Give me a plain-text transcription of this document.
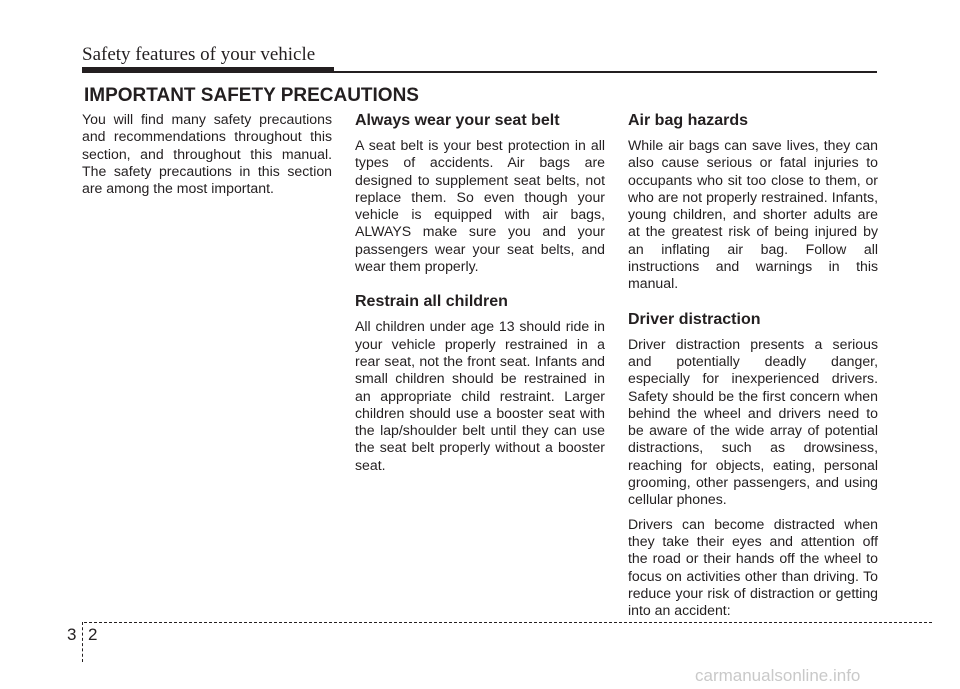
Safety features of your vehicle
IMPORTANT SAFETY PRECAUTIONS

You will find many safety precautions and recommendations throughout this section, and throughout this manual. The safety precautions in this section are among the most important.

Always wear your seat belt

A seat belt is your best protection in all types of accidents. Air bags are designed to supplement seat belts, not replace them. So even though your vehicle is equipped with air bags, ALWAYS make sure you and your passengers wear your seat belts, and wear them properly.

Restrain all children

All children under age 13 should ride in your vehicle properly restrained in a rear seat, not the front seat. Infants and small children should be restrained in an appropriate child restraint. Larger children should use a booster seat with the lap/shoulder belt until they can use the seat belt properly without a booster seat.

Air bag hazards

While air bags can save lives, they can also cause serious or fatal injuries to occupants who sit too close to them, or who are not properly restrained. Infants, young children, and shorter adults are at the greatest risk of being injured by an inflating air bag. Follow all instructions and warnings in this manual.

Driver distraction

Driver distraction presents a serious and potentially deadly danger, especially for inexperienced drivers. Safety should be the first concern when behind the wheel and drivers need to be aware of the wide array of potential distractions, such as drowsiness, reaching for objects, eating, personal grooming, other passengers, and using cellular phones.

Drivers can become distracted when they take their eyes and attention off the road or their hands off the wheel to focus on activities other than driving. To reduce your risk of distraction or getting into an accident:

3 2
carmanualsonline.info
